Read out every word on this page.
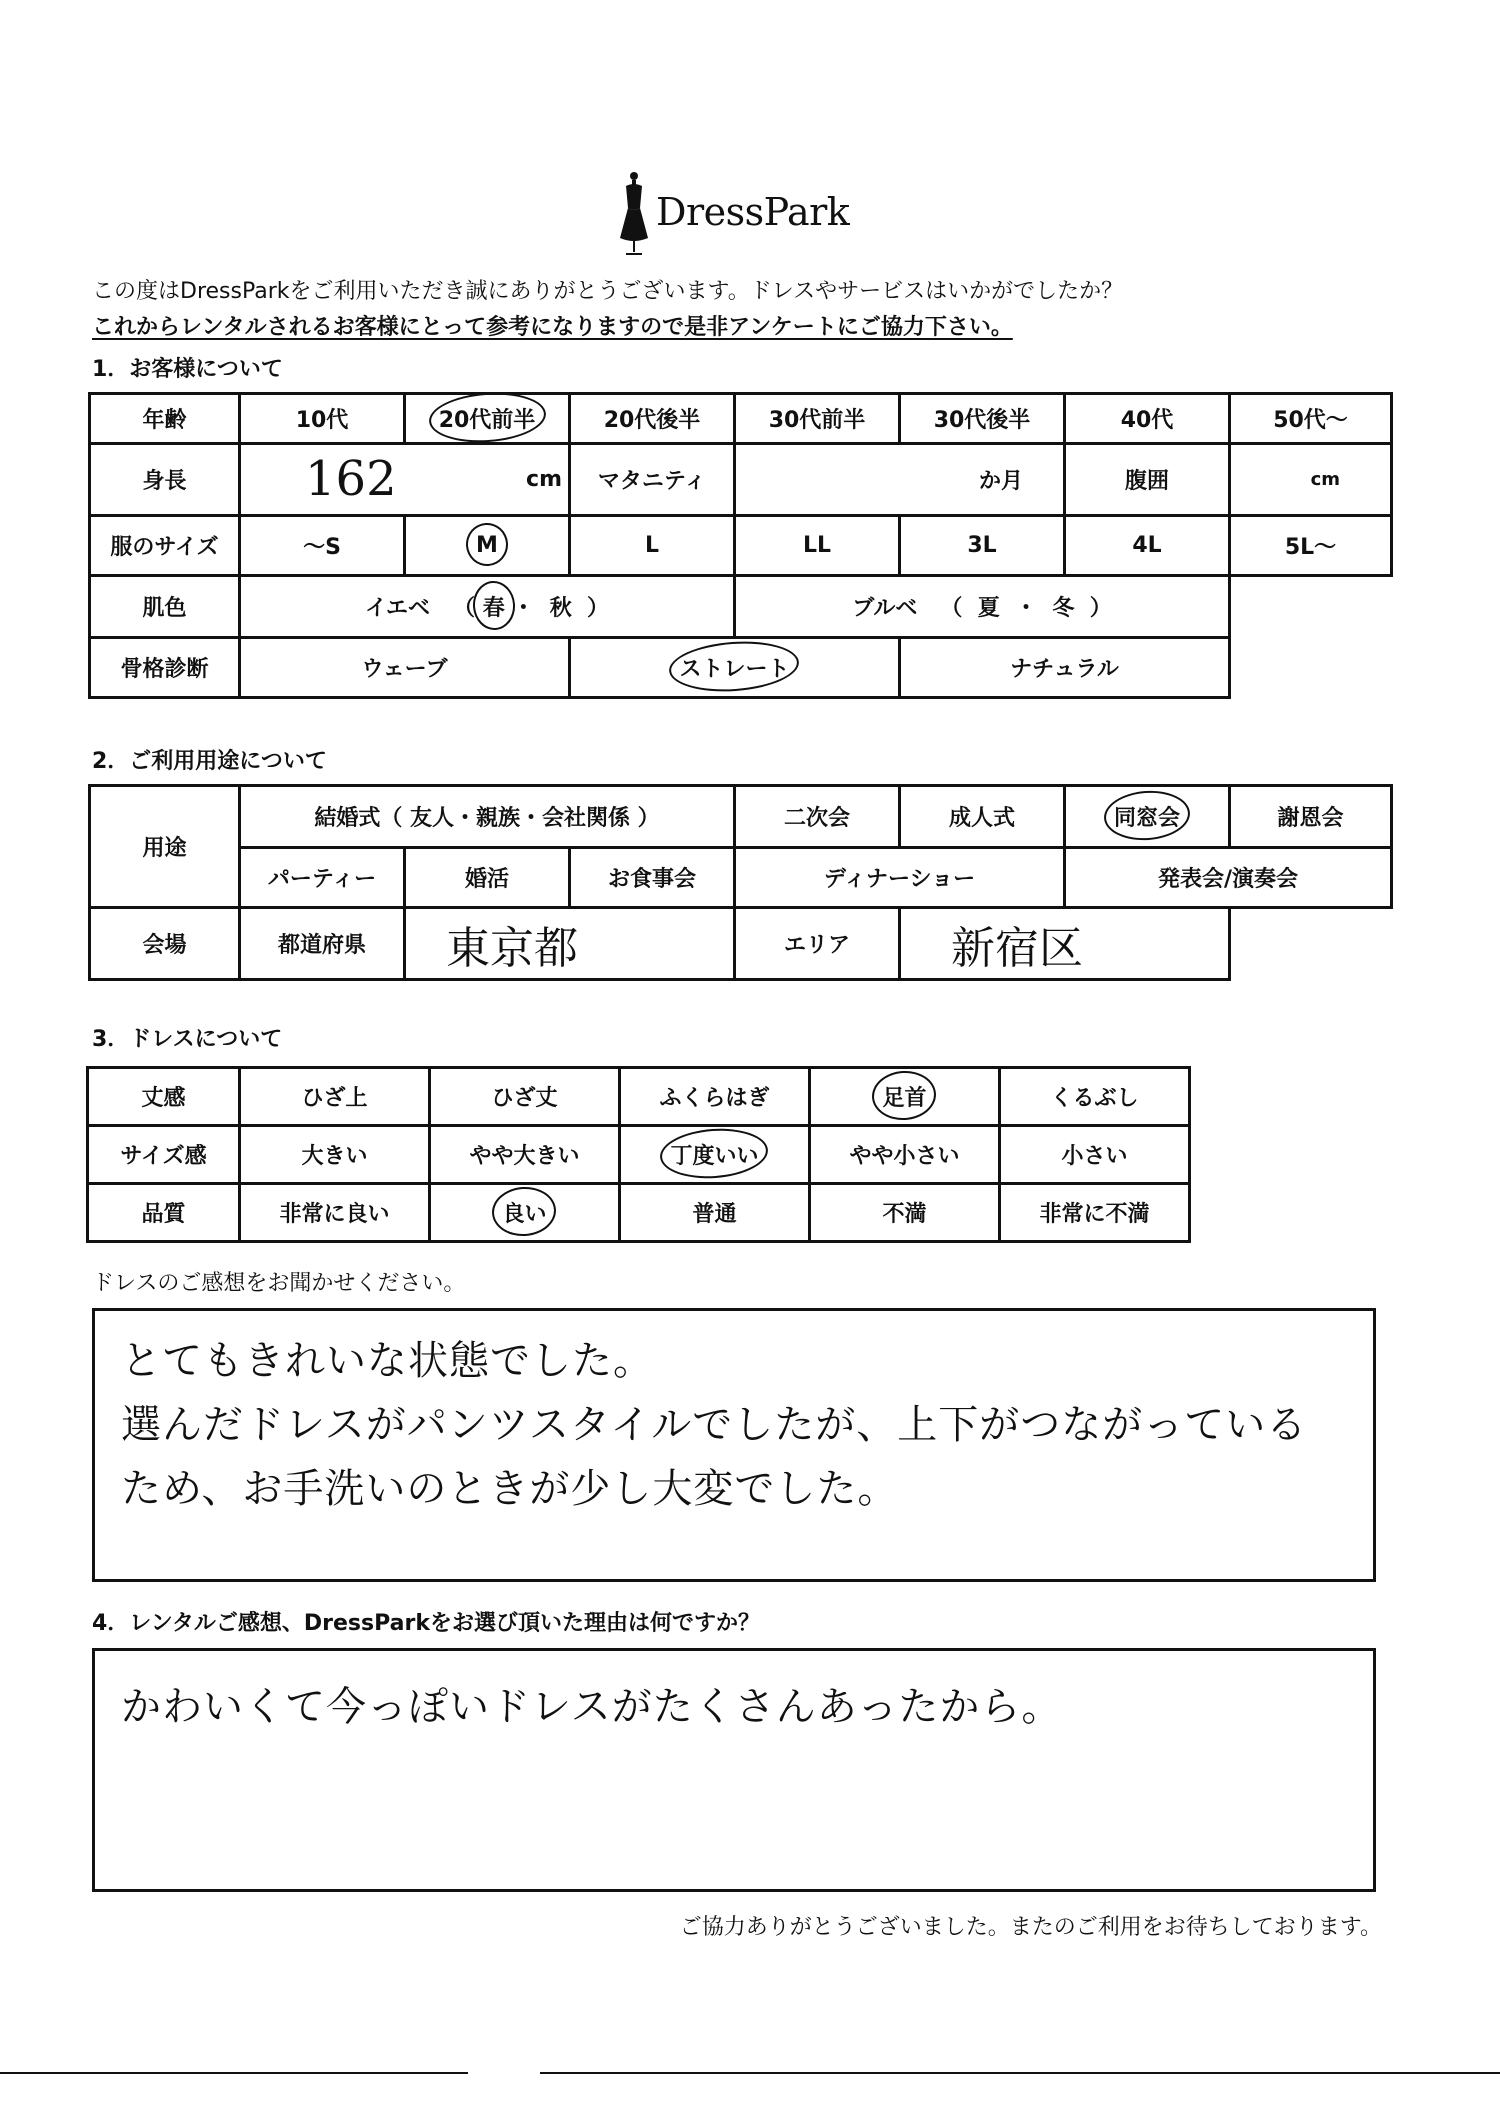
DressPark
この度はDressParkをご利用いただき誠にありがとうございます。ドレスやサービスはいかがでしたか？
これからレンタルされるお客様にとって参考になりますので是非アンケートにご協力下さい。
1．お客様について
年齢	10代	20代前半	20代後半	30代前半	30代後半	40代	50代～
身長	162 cm		マタニティ	か月		腹囲	cm
服のサイズ	～S	M	L	LL	3L	4L	5L～
肌色	イエベ   （ 春 ・  秋  ）			ブルベ   （  夏  ・  冬  ）			
骨格診断	ウェーブ		ストレート		ナチュラル		
2．ご利用用途について
用途	結婚式（ 友人・親族・会社関係 ）			二次会	成人式	同窓会	謝恩会
	パーティー	婚活	お食事会	ディナーショー		発表会/演奏会	
会場	都道府県	東京都		エリア	新宿区		
3．ドレスについて
丈感	ひざ上	ひざ丈	ふくらはぎ	足首	くるぶし
サイズ感	大きい	やや大きい	丁度いい	やや小さい	小さい
品質	非常に良い	良い	普通	不満	非常に不満
ドレスのご感想をお聞かせください。
とてもきれいな状態でした。
選んだドレスがパンツスタイルでしたが、上下がつながっている
ため、お手洗いのときが少し大変でした。
4．レンタルご感想、DressParkをお選び頂いた理由は何ですか？
かわいくて今っぽいドレスがたくさんあったから。
ご協力ありがとうございました。またのご利用をお待ちしております。
